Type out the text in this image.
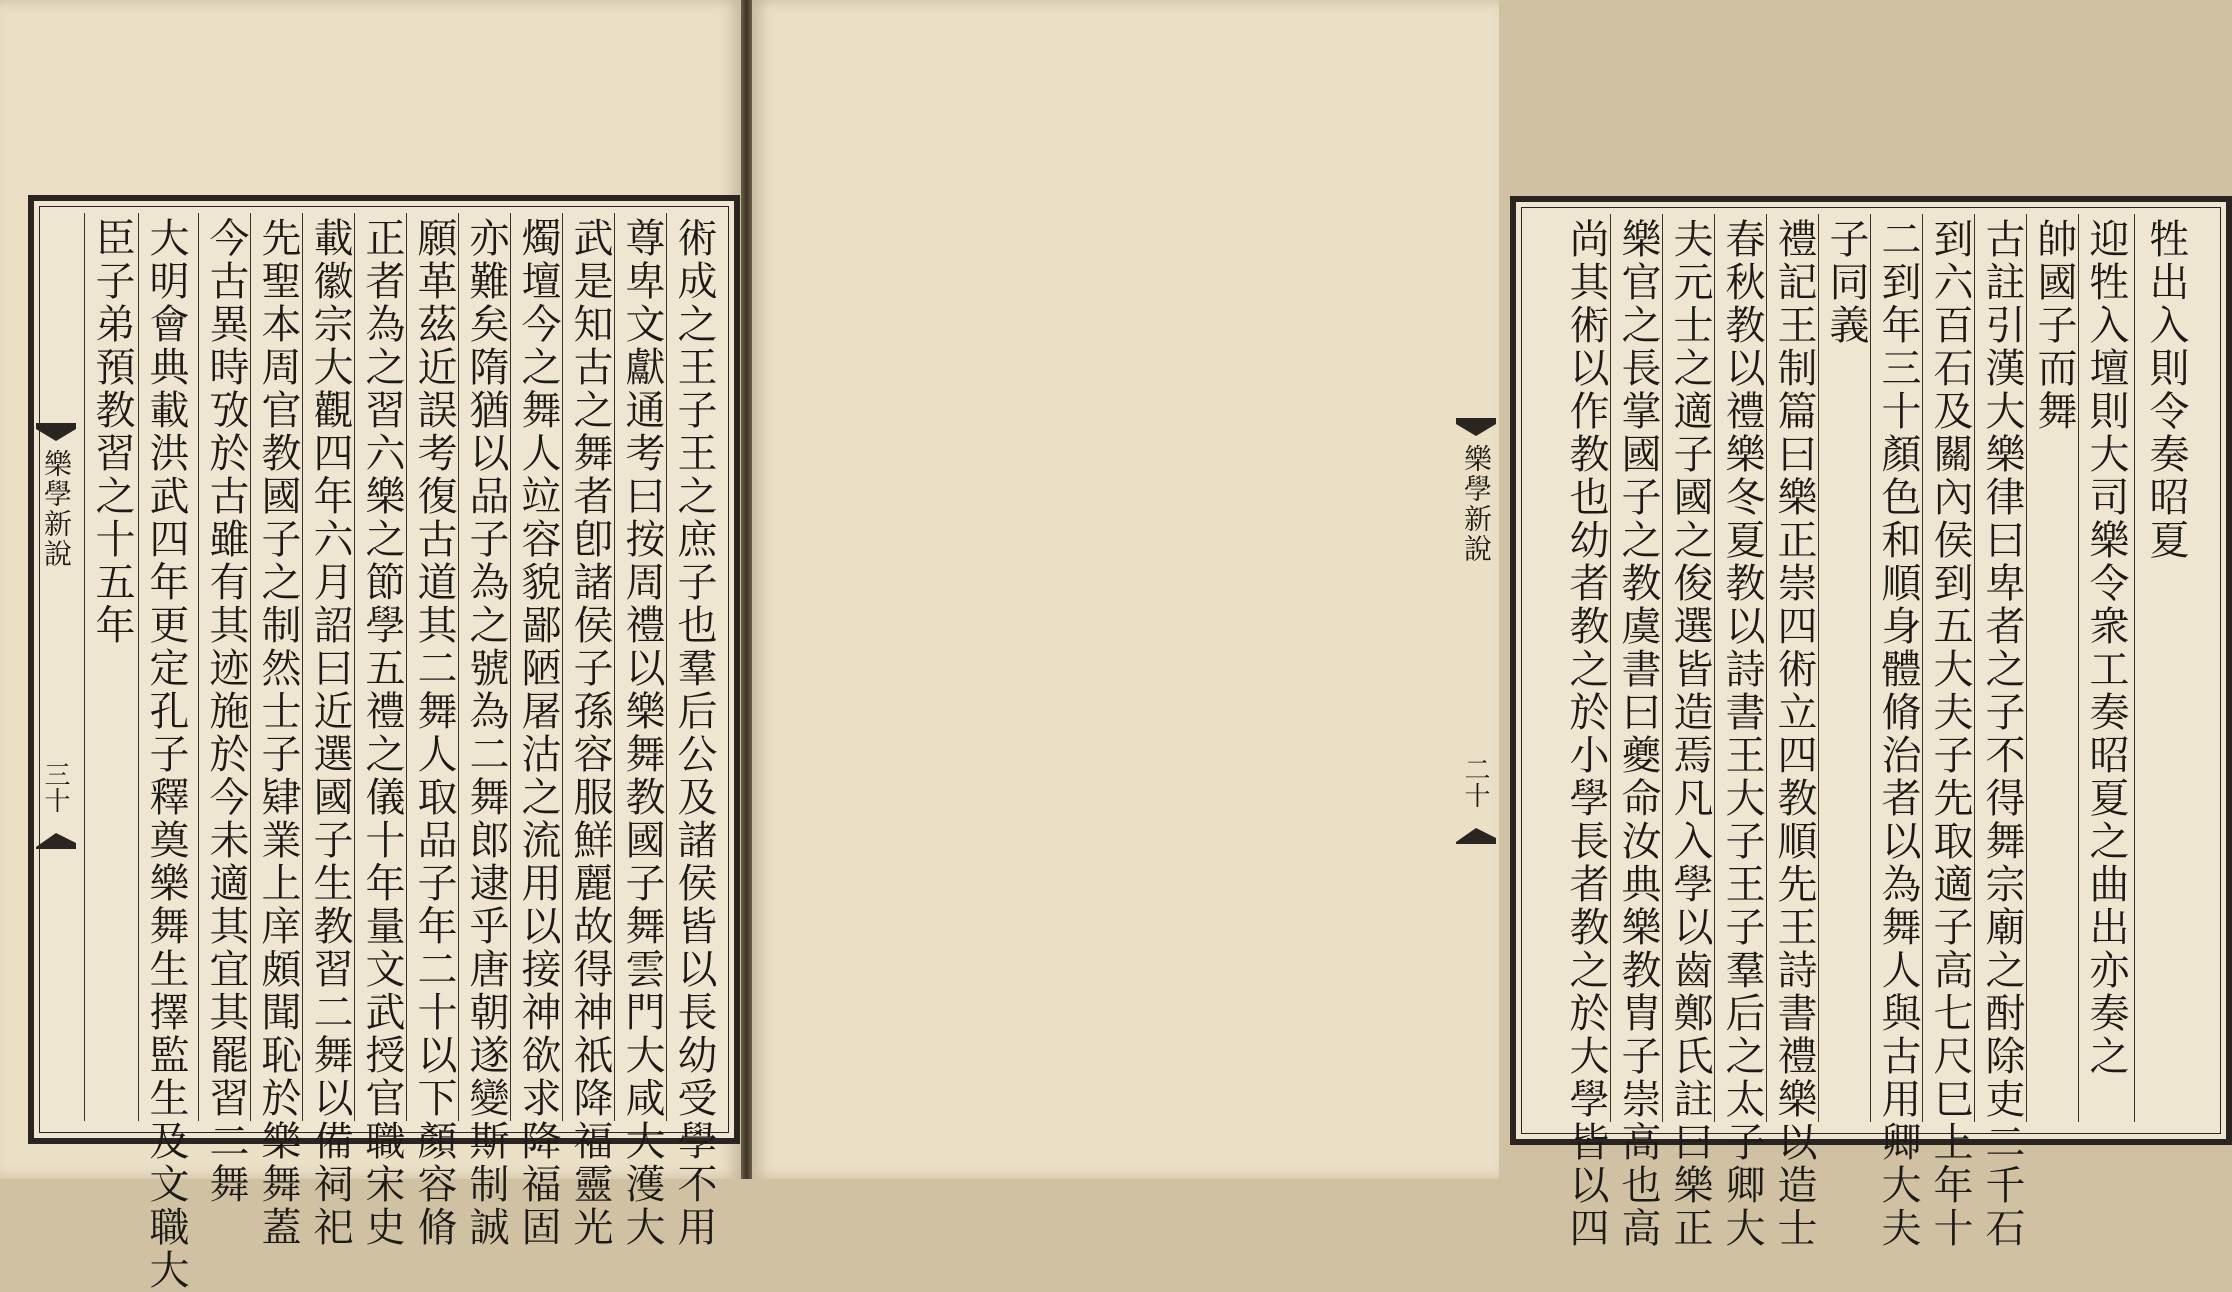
樂學新說
三十	術成之王子王之庶子也羣后公及諸侯皆以長幼受學不用
尊卑文獻通考曰按周禮以樂舞教國子舞雲門大咸大濩大
武是知古之舞者卽諸侯子孫容服鮮麗故得神祇降福靈光
燭壇今之舞人竝容貌鄙陋屠沽之流用以接神欲求降福固
亦難矣隋猶以品子為之號為二舞郎逮乎唐朝遂變斯制誠
願革茲近誤考復古道其二舞人取品子年二十以下顏容脩
正者為之習六樂之節學五禮之儀十年量文武授官職宋史
載徽宗大觀四年六月詔曰近選國子生教習二舞以備祠祀
先聖本周官教國子之制然士子肄業上庠頗聞恥於樂舞蓋
今古異時攷於古雖有其迹施於今未適其宜其罷習二舞
大明會典載洪武四年更定孔子釋奠樂舞生擇監生及文職大
臣子弟預教習之十五年	牲出入則令奏昭夏
迎牲入壇則大司樂令衆工奏昭夏之曲出亦奏之
帥國子而舞
古註引漢大樂律曰卑者之子不得舞宗廟之酎除吏二千石
到六百石及關內侯到五大夫子先取適子高七尺巳上年十
二到年三十顏色和順身體脩治者以為舞人與古用卿大夫
子同義
禮記王制篇曰樂正崇四術立四教順先王詩書禮樂以造士
春秋教以禮樂冬夏教以詩書王大子王子羣后之太子卿大
夫元士之適子國之俊選皆造焉凡入學以齒鄭氏註曰樂正
樂官之長掌國子之教虞書曰夔命汝典樂教胄子崇高也高
尚其術以作教也幼者教之於小學長者教之於大學皆以四
樂學新說
二十
